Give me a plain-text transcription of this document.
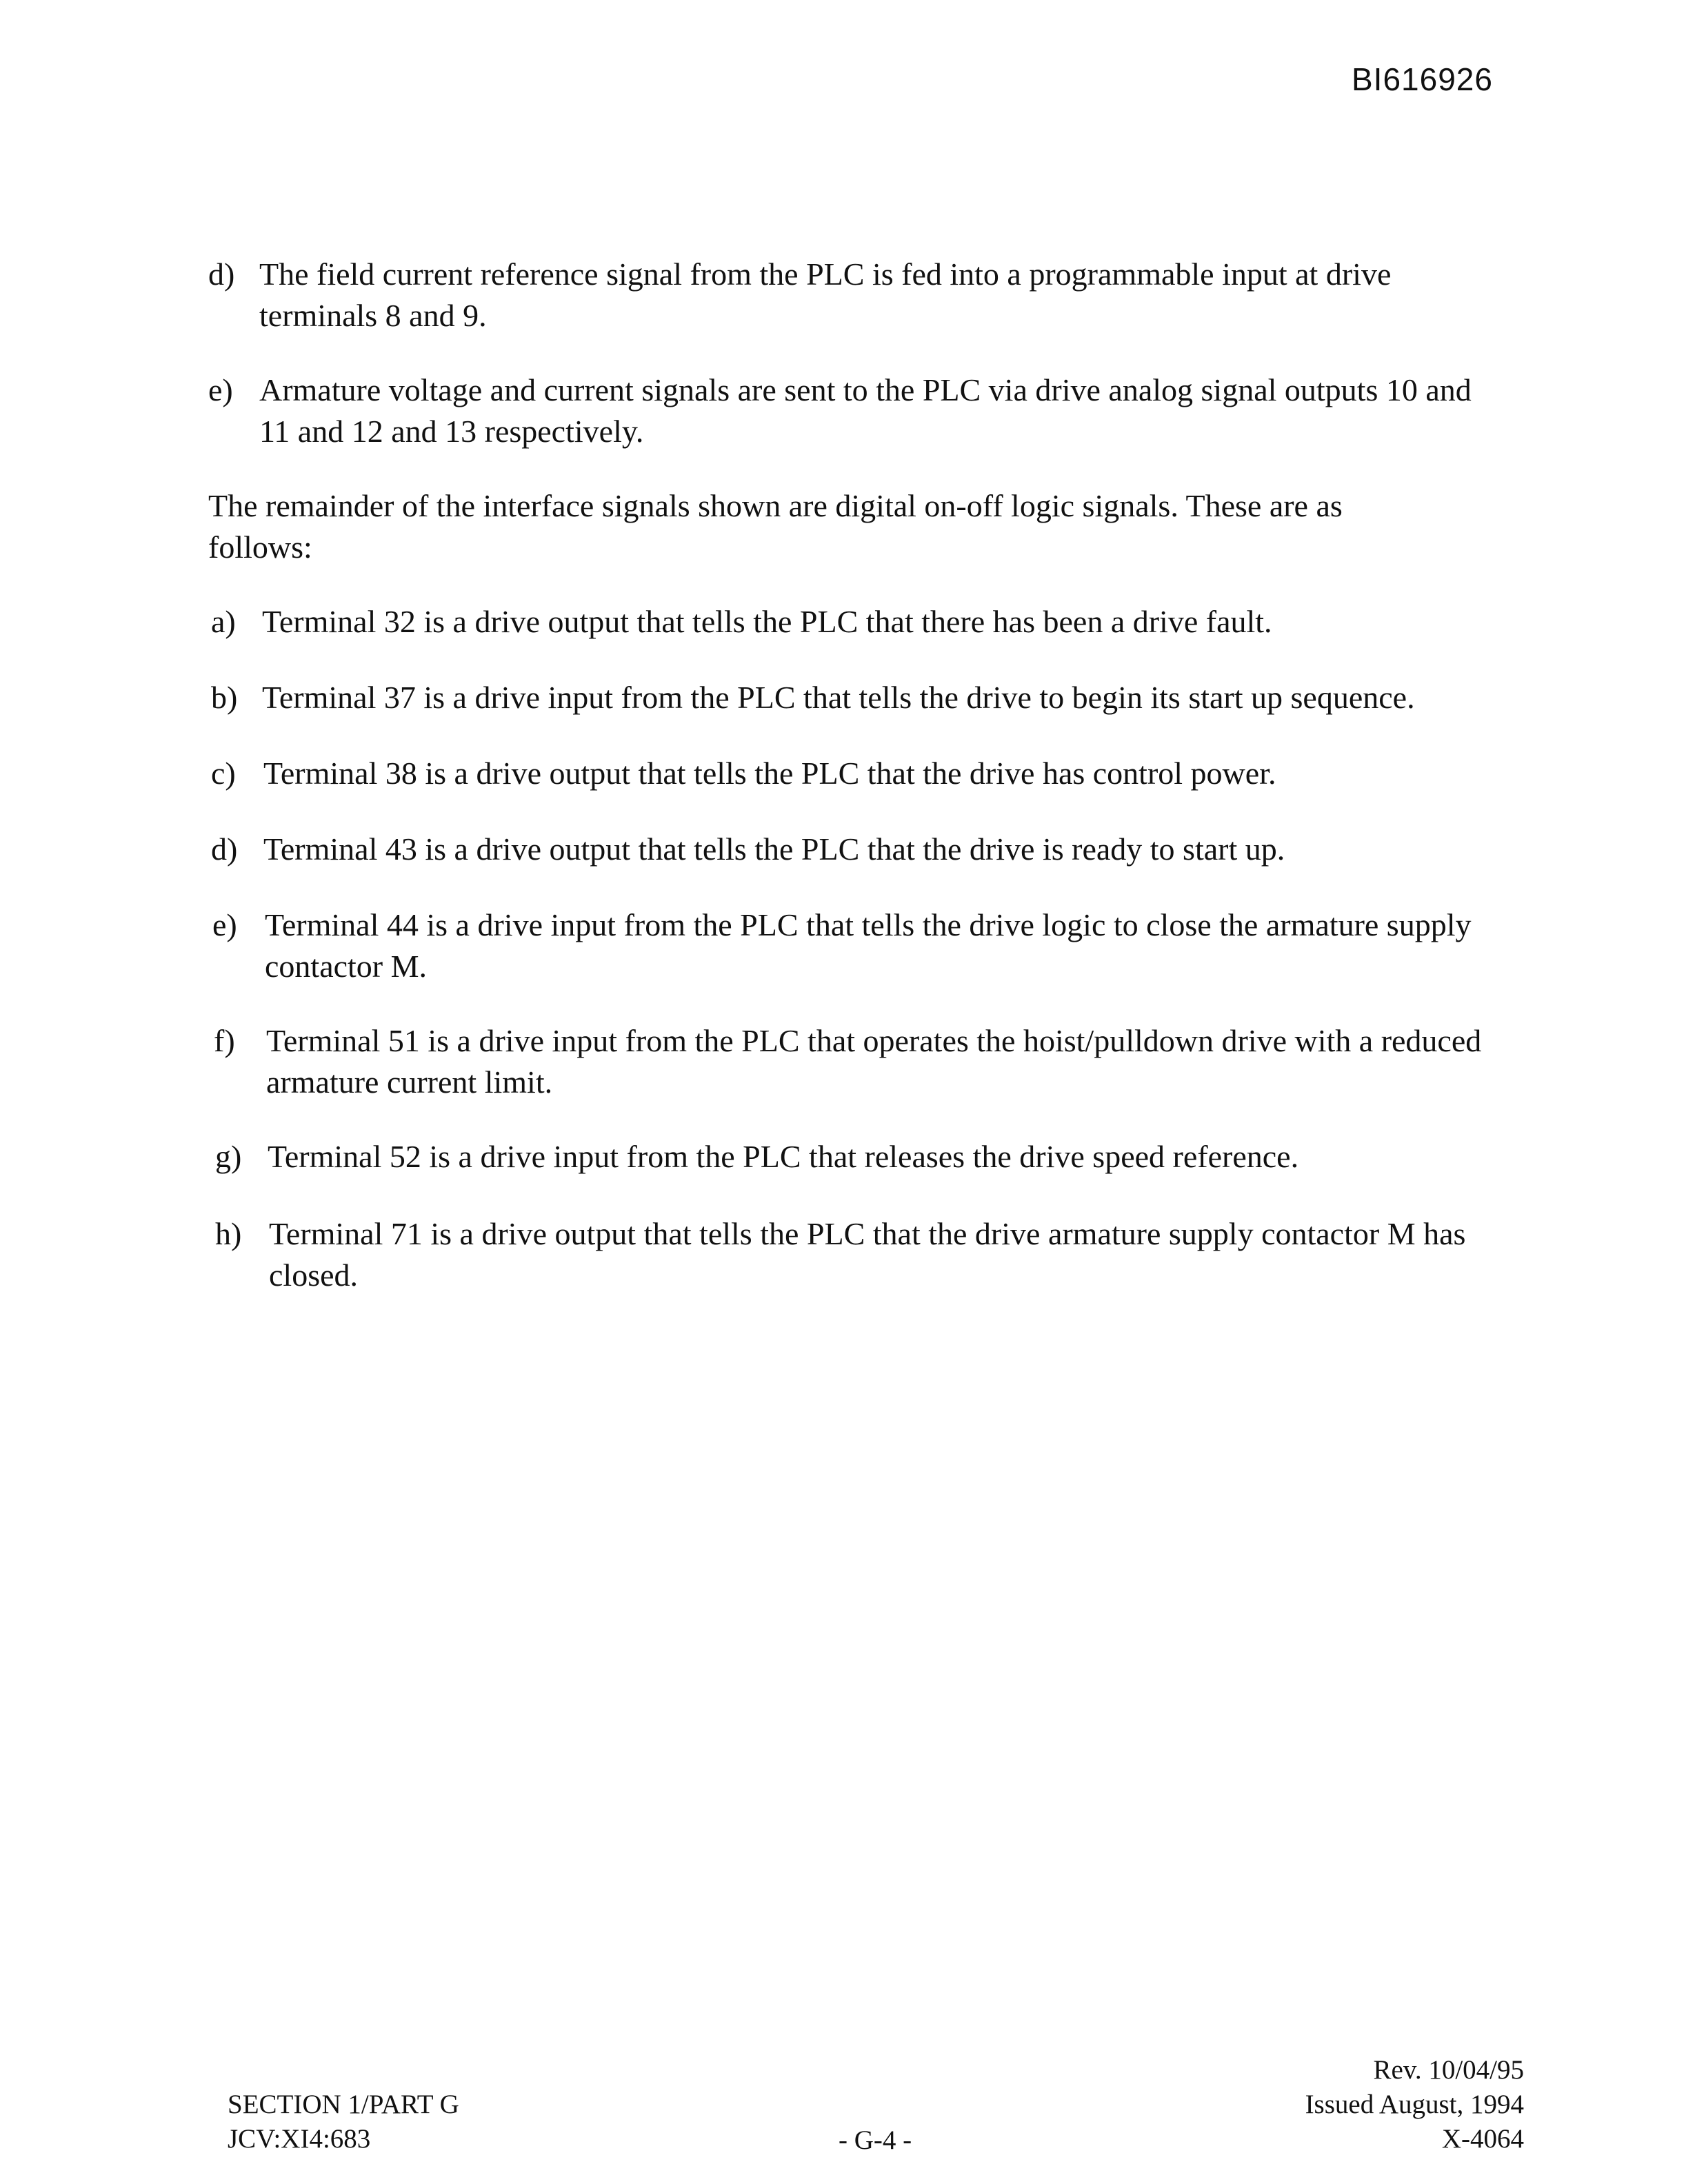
BI616926
d) The field current reference signal from the PLC is fed into a programmable input at drive terminals 8 and 9.
e) Armature voltage and current signals are sent to the PLC via drive analog signal outputs 10 and 11 and 12 and 13 respectively.
The remainder of the interface signals shown are digital on-off logic signals. These are as follows:
a) Terminal 32 is a drive output that tells the PLC that there has been a drive fault.
b) Terminal 37 is a drive input from the PLC that tells the drive to begin its start up sequence.
c) Terminal 38 is a drive output that tells the PLC that the drive has control power.
d) Terminal 43 is a drive output that tells the PLC that the drive is ready to start up.
e) Terminal 44 is a drive input from the PLC that tells the drive logic to close the armature supply contactor M.
f) Terminal 51 is a drive input from the PLC that operates the hoist/pulldown drive with a reduced armature current limit.
g) Terminal 52 is a drive input from the PLC that releases the drive speed reference.
h) Terminal 71 is a drive output that tells the PLC that the drive armature supply contactor M has closed.
SECTION 1/PART G
JCV:XI4:683	- G-4 -
Rev. 10/04/95
Issued August, 1994
X-4064
